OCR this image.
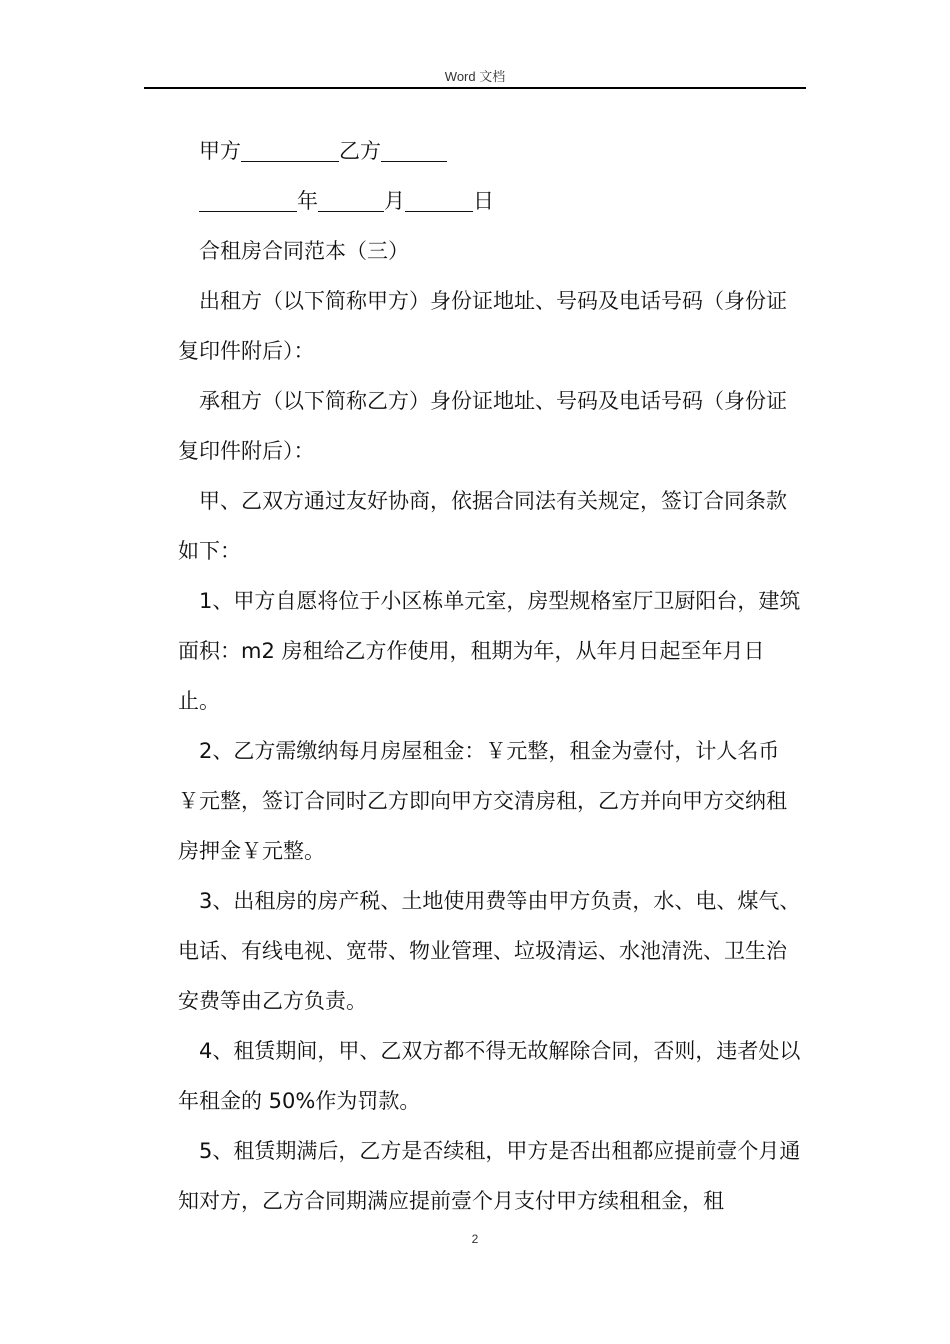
Word 文档

甲方	乙方

年	月	日

合租房合同范本（三）

出租方（以下简称甲方）身份证地址、号码及电话号码（身份证复印件附后）：

承租方（以下简称乙方）身份证地址、号码及电话号码（身份证复印件附后）：

甲、乙双方通过友好协商，依据合同法有关规定，签订合同条款如下：

1、甲方自愿将位于小区栋单元室，房型规格室厅卫厨阳台，建筑面积：m2 房租给乙方作使用，租期为年，从年月日起至年月日止。

2、乙方需缴纳每月房屋租金：￥元整，租金为壹付，计人名币￥元整，签订合同时乙方即向甲方交清房租，乙方并向甲方交纳租房押金￥元整。

3、出租房的房产税、土地使用费等由甲方负责，水、电、煤气、电话、有线电视、宽带、物业管理、垃圾清运、水池清洗、卫生治安费等由乙方负责。

4、租赁期间，甲、乙双方都不得无故解除合同，否则，违者处以年租金的 50%作为罚款。

5、租赁期满后，乙方是否续租，甲方是否出租都应提前壹个月通知对方，乙方合同期满应提前壹个月支付甲方续租租金，租

2
